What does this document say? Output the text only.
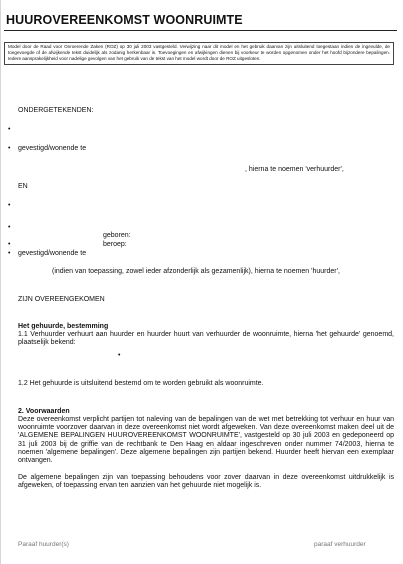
HUUROVEREENKOMST WOONRUIMTE
Model door de Raad voor Onroerende Zaken (ROZ) op 30 juli 2003 vastgesteld. Verwijzing naar dit model en het gebruik daarvan zijn uitsluitend toegestaan indien de ingevulde, de toegevoegde of de afwijkende tekst duidelijk als zodanig herkenbaar is. Toevoegingen en afwijkingen dienen bij voorkeur te worden opgenomen onder het hoofd bijzondere bepalingen. Iedere aansprakelijkheid voor nadelige gevolgen van het gebruik van de tekst van het model wordt door de ROZ uitgesloten.
ONDERGETEKENDEN:
•
• gevestigd/wonende te
, hierna te noemen 'verhuurder',
EN
•
•
geboren:
•	beroep:
• gevestigd/wonende te
(indien van toepassing, zowel ieder afzonderlijk als gezamenlijk), hierna te noemen 'huurder',
ZIJN OVEREENGEKOMEN
Het gehuurde, bestemming
1.1 Verhuurder verhuurt aan huurder en huurder huurt van verhuurder de woonruimte, hierna 'het gehuurde' genoemd, plaatselijk bekend:
•
1.2 Het gehuurde is uitsluitend bestemd om te worden gebruikt als woonruimte.
2. Voorwaarden
Deze overeenkomst verplicht partijen tot naleving van de bepalingen van de wet met betrekking tot verhuur en huur van woonruimte voorzover daarvan in deze overeenkomst niet wordt afgeweken. Van deze overeenkomst maken deel uit de 'ALGEMENE BEPALINGEN HUUROVEREENKOMST WOONRUIMTE', vastgesteld op 30 juli 2003 en gedeponeerd op 31 juli 2003 bij de griffie van de rechtbank te Den Haag en aldaar ingeschreven onder nummer 74/2003, hierna te noemen 'algemene bepalingen'. Deze algemene bepalingen zijn partijen bekend. Huurder heeft hiervan een exemplaar ontvangen.
De algemene bepalingen zijn van toepassing behoudens voor zover daarvan in deze overeenkomst uitdrukkelijk is afgeweken, of toepassing ervan ten aanzien van het gehuurde niet mogelijk is.
Paraaf huurder(s)	paraaf verhuurder
